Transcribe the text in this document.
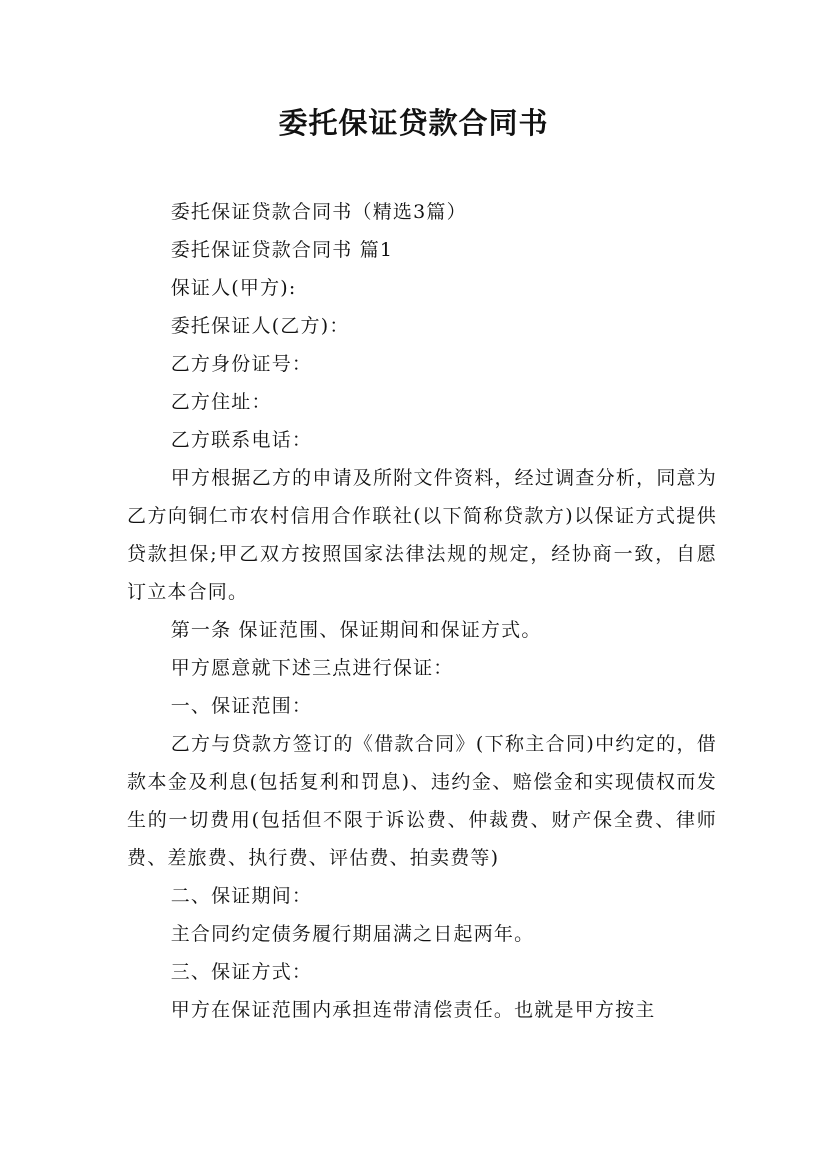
委托保证贷款合同书

委托保证贷款合同书（精选3篇）

委托保证贷款合同书 篇1

保证人(甲方):

委托保证人(乙方)：

乙方身份证号：

乙方住址：

乙方联系电话：

甲方根据乙方的申请及所附文件资料，经过调查分析，同意为乙方向铜仁市农村信用合作联社(以下简称贷款方)以保证方式提供贷款担保;甲乙双方按照国家法律法规的规定，经协商一致，自愿订立本合同。

第一条 保证范围、保证期间和保证方式。

甲方愿意就下述三点进行保证：

一、保证范围：

乙方与贷款方签订的《借款合同》(下称主合同)中约定的，借款本金及利息(包括复利和罚息)、违约金、赔偿金和实现债权而发生的一切费用(包括但不限于诉讼费、仲裁费、财产保全费、律师费、差旅费、执行费、评估费、拍卖费等)

二、保证期间：

主合同约定债务履行期届满之日起两年。

三、保证方式：

甲方在保证范围内承担连带清偿责任。也就是甲方按主
